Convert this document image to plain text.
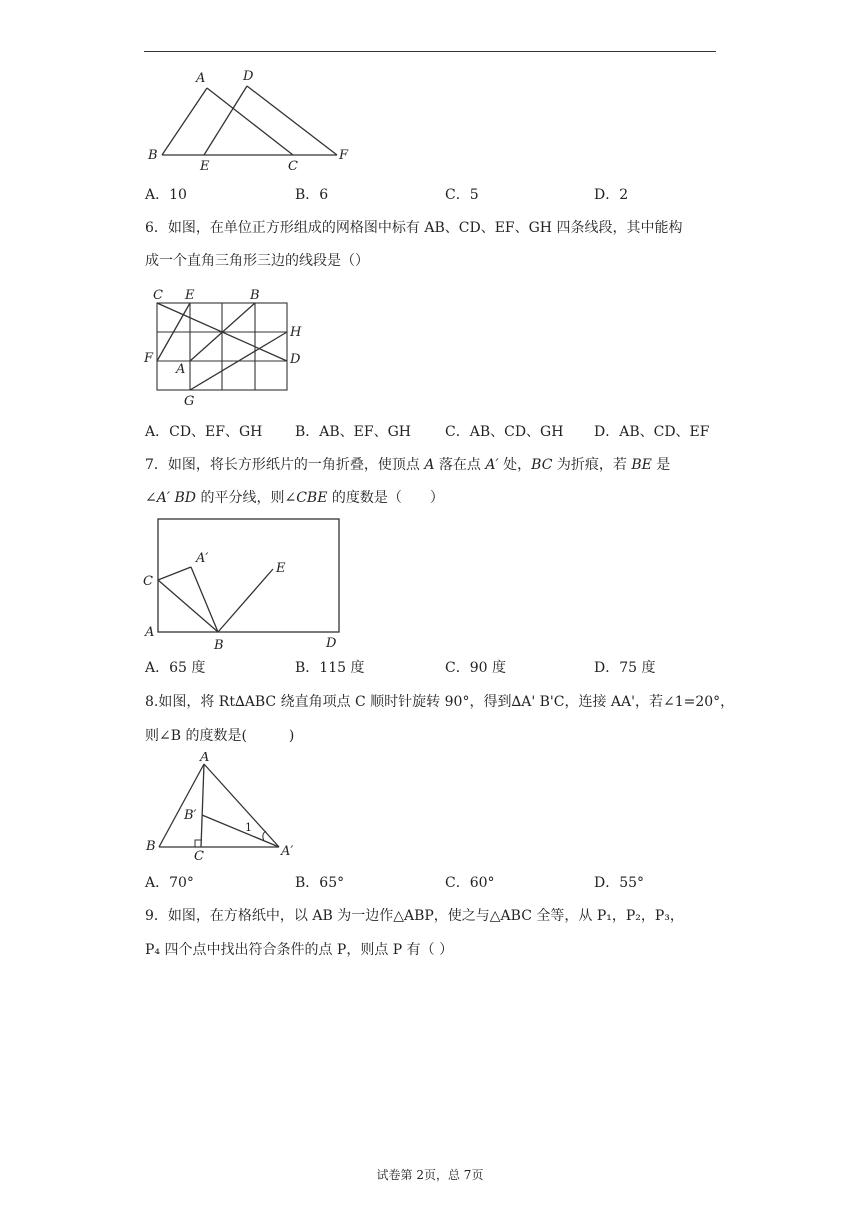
A	D
B
E	C
F
A．10	B．6	C．5	D．2
6．如图，在单位正方形组成的网格图中标有 AB、CD、EF、GH 四条线段，其中能构
成一个直角三角形三边的线段是（）
C E	B
H
F	D
A
G
A．CD、EF、GH B．AB、EF、GH C．AB、CD、GH D．AB、CD、EF
7．如图，将长方形纸片的一角折叠，使顶点 A 落在点 A′ 处，BC 为折痕，若 BE 是
∠A′ BD 的平分线，则∠CBE 的度数是（　　）
A′
E
C
A
B	D
A．65 度	B．115 度	C．90 度	D．75 度
8.如图，将 Rt∆ABC 绕直角项点 C 顺时针旋转 90°，得到∆A' B'C，连接 AA'，若∠1=20°，
则∠B 的度数是(　　　)
A
B′
1
B
C	A′
A．70°	B．65°	C．60°	D．55°
9．如图，在方格纸中，以 AB 为一边作△ABP，使之与△ABC 全等，从 P₁，P₂，P₃，
P₄ 四个点中找出符合条件的点 P，则点 P 有（ ）
试卷第 2页，总 7页
